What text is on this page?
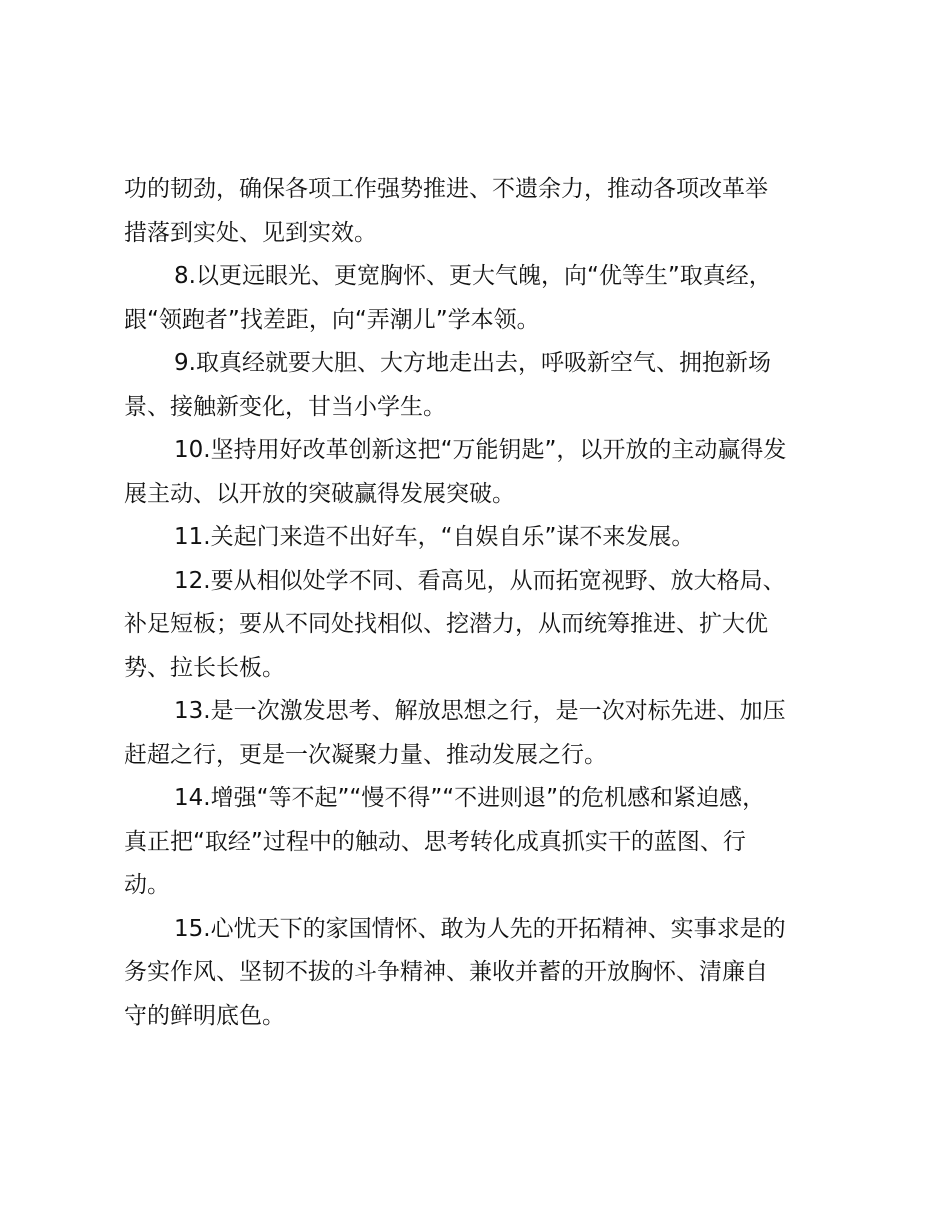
功的韧劲，确保各项工作强势推进、不遗余力，推动各项改革举
措落到实处、见到实效。
8.以更远眼光、更宽胸怀、更大气魄，向“优等生”取真经，
跟“领跑者”找差距，向“弄潮儿”学本领。
9.取真经就要大胆、大方地走出去，呼吸新空气、拥抱新场
景、接触新变化，甘当小学生。
10.坚持用好改革创新这把“万能钥匙”，以开放的主动赢得发
展主动、以开放的突破赢得发展突破。
11.关起门来造不出好车，“自娱自乐”谋不来发展。
12.要从相似处学不同、看高见，从而拓宽视野、放大格局、
补足短板；要从不同处找相似、挖潜力，从而统筹推进、扩大优
势、拉长长板。
13.是一次激发思考、解放思想之行，是一次对标先进、加压
赶超之行，更是一次凝聚力量、推动发展之行。
14.增强“等不起”“慢不得”“不进则退”的危机感和紧迫感，
真正把“取经”过程中的触动、思考转化成真抓实干的蓝图、行
动。
15.心忧天下的家国情怀、敢为人先的开拓精神、实事求是的
务实作风、坚韧不拔的斗争精神、兼收并蓄的开放胸怀、清廉自
守的鲜明底色。
